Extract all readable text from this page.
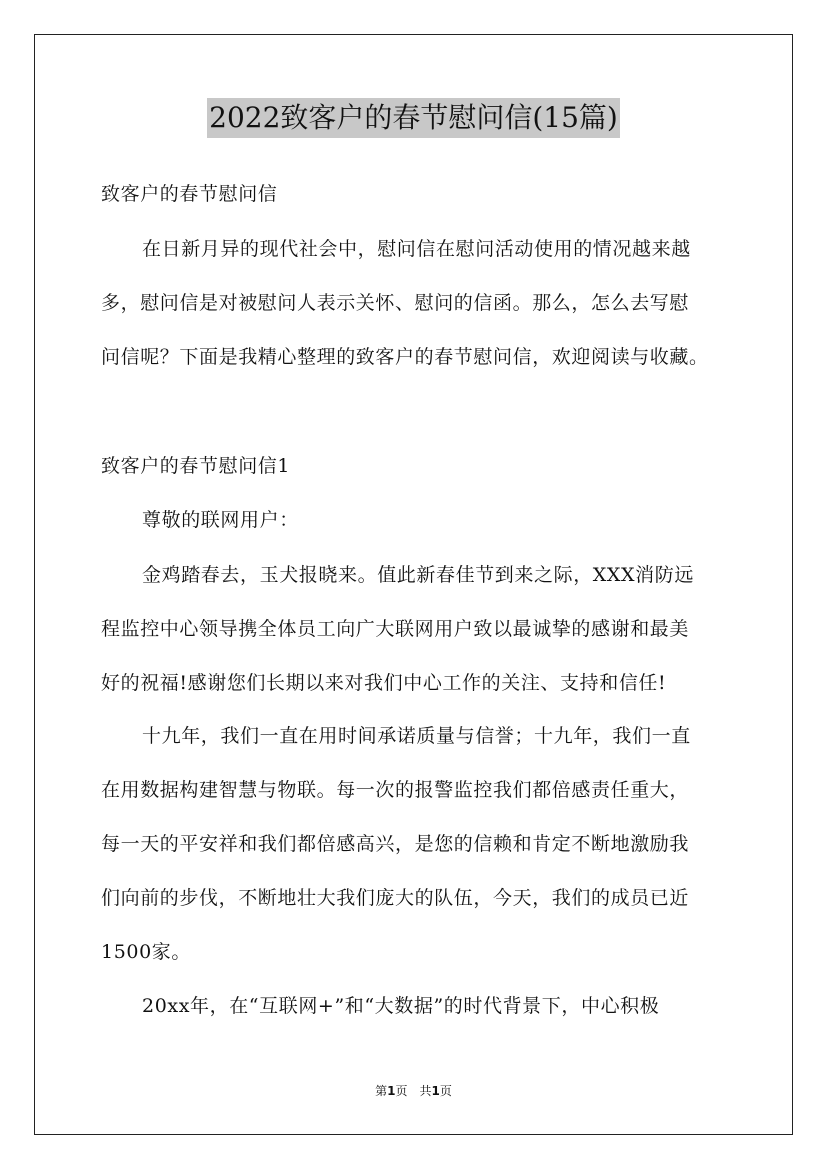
2022致客户的春节慰问信(15篇)
致客户的春节慰问信
在日新月异的现代社会中，慰问信在慰问活动使用的情况越来越
多，慰问信是对被慰问人表示关怀、慰问的信函。那么，怎么去写慰
问信呢？下面是我精心整理的致客户的春节慰问信，欢迎阅读与收藏。
致客户的春节慰问信1
尊敬的联网用户：
金鸡踏春去，玉犬报晓来。值此新春佳节到来之际，XXX消防远
程监控中心领导携全体员工向广大联网用户致以最诚挚的感谢和最美
好的祝福!感谢您们长期以来对我们中心工作的关注、支持和信任!
十九年，我们一直在用时间承诺质量与信誉；十九年，我们一直
在用数据构建智慧与物联。每一次的报警监控我们都倍感责任重大，
每一天的平安祥和我们都倍感高兴，是您的信赖和肯定不断地激励我
们向前的步伐，不断地壮大我们庞大的队伍，今天，我们的成员已近
1500家。
20xx年，在“互联网+”和“大数据”的时代背景下，中心积极
第1页　共1页
